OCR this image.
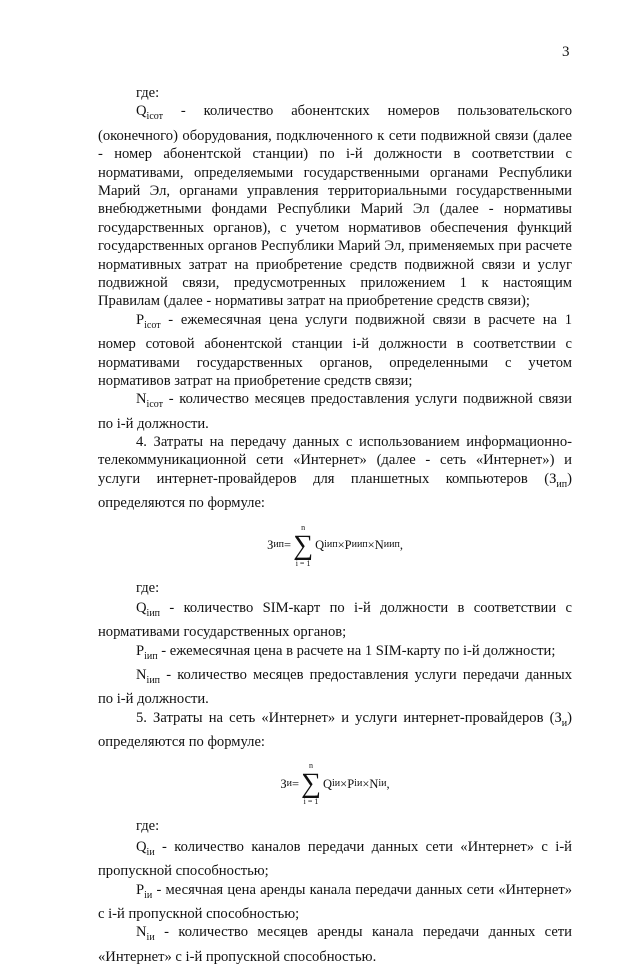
3

где:

$Q_{iсот}$ - количество абонентских номеров пользовательского (оконечного) оборудования, подключенного к сети подвижной связи (далее - номер абонентской станции) по i-й должности в соответствии с нормативами, определяемыми государственными органами Республики Марий Эл, органами управления территориальными государственными внебюджетными фондами Республики Марий Эл (далее - нормативы государственных органов), с учетом нормативов обеспечения функций государственных органов Республики Марий Эл, применяемых при расчете нормативных затрат на приобретение средств подвижной связи и услуг подвижной связи, предусмотренных приложением 1 к настоящим Правилам (далее - нормативы затрат на приобретение средств связи);

$P_{iсот}$ - ежемесячная цена услуги подвижной связи в расчете на 1 номер сотовой абонентской станции i-й должности в соответствии с нормативами государственных органов, определенными с учетом нормативов затрат на приобретение средств связи;

$N_{iсот}$ - количество месяцев предоставления услуги подвижной связи по i-й должности.

4. Затраты на передачу данных с использованием информационно-телекоммуникационной сети «Интернет» (далее - сеть «Интернет») и услуги интернет-провайдеров для планшетных компьютеров $(З_{ип})$ определяются по формуле:

З ип =
n
∑
i = 1
Q iип × P иип × N иип ,

где:

$Q_{iип}$ - количество SIM-карт по i-й должности в соответствии с нормативами государственных органов;

$P_{iип}$ - ежемесячная цена в расчете на 1 SIM-карту по i-й должности;

$N_{iип}$ - количество месяцев предоставления услуги передачи данных по i-й должности.

5. Затраты на сеть «Интернет» и услуги интернет-провайдеров $(З_и)$ определяются по формуле:

З и =
n
∑
i = 1
Q iи × P iи × N iи ,

где:

$Q_{iи}$ - количество каналов передачи данных сети «Интернет» с i-й пропускной способностью;

$P_{iи}$ - месячная цена аренды канала передачи данных сети «Интернет» с i-й пропускной способностью;

$N_{iи}$ - количество месяцев аренды канала передачи данных сети «Интернет» с i-й пропускной способностью.
